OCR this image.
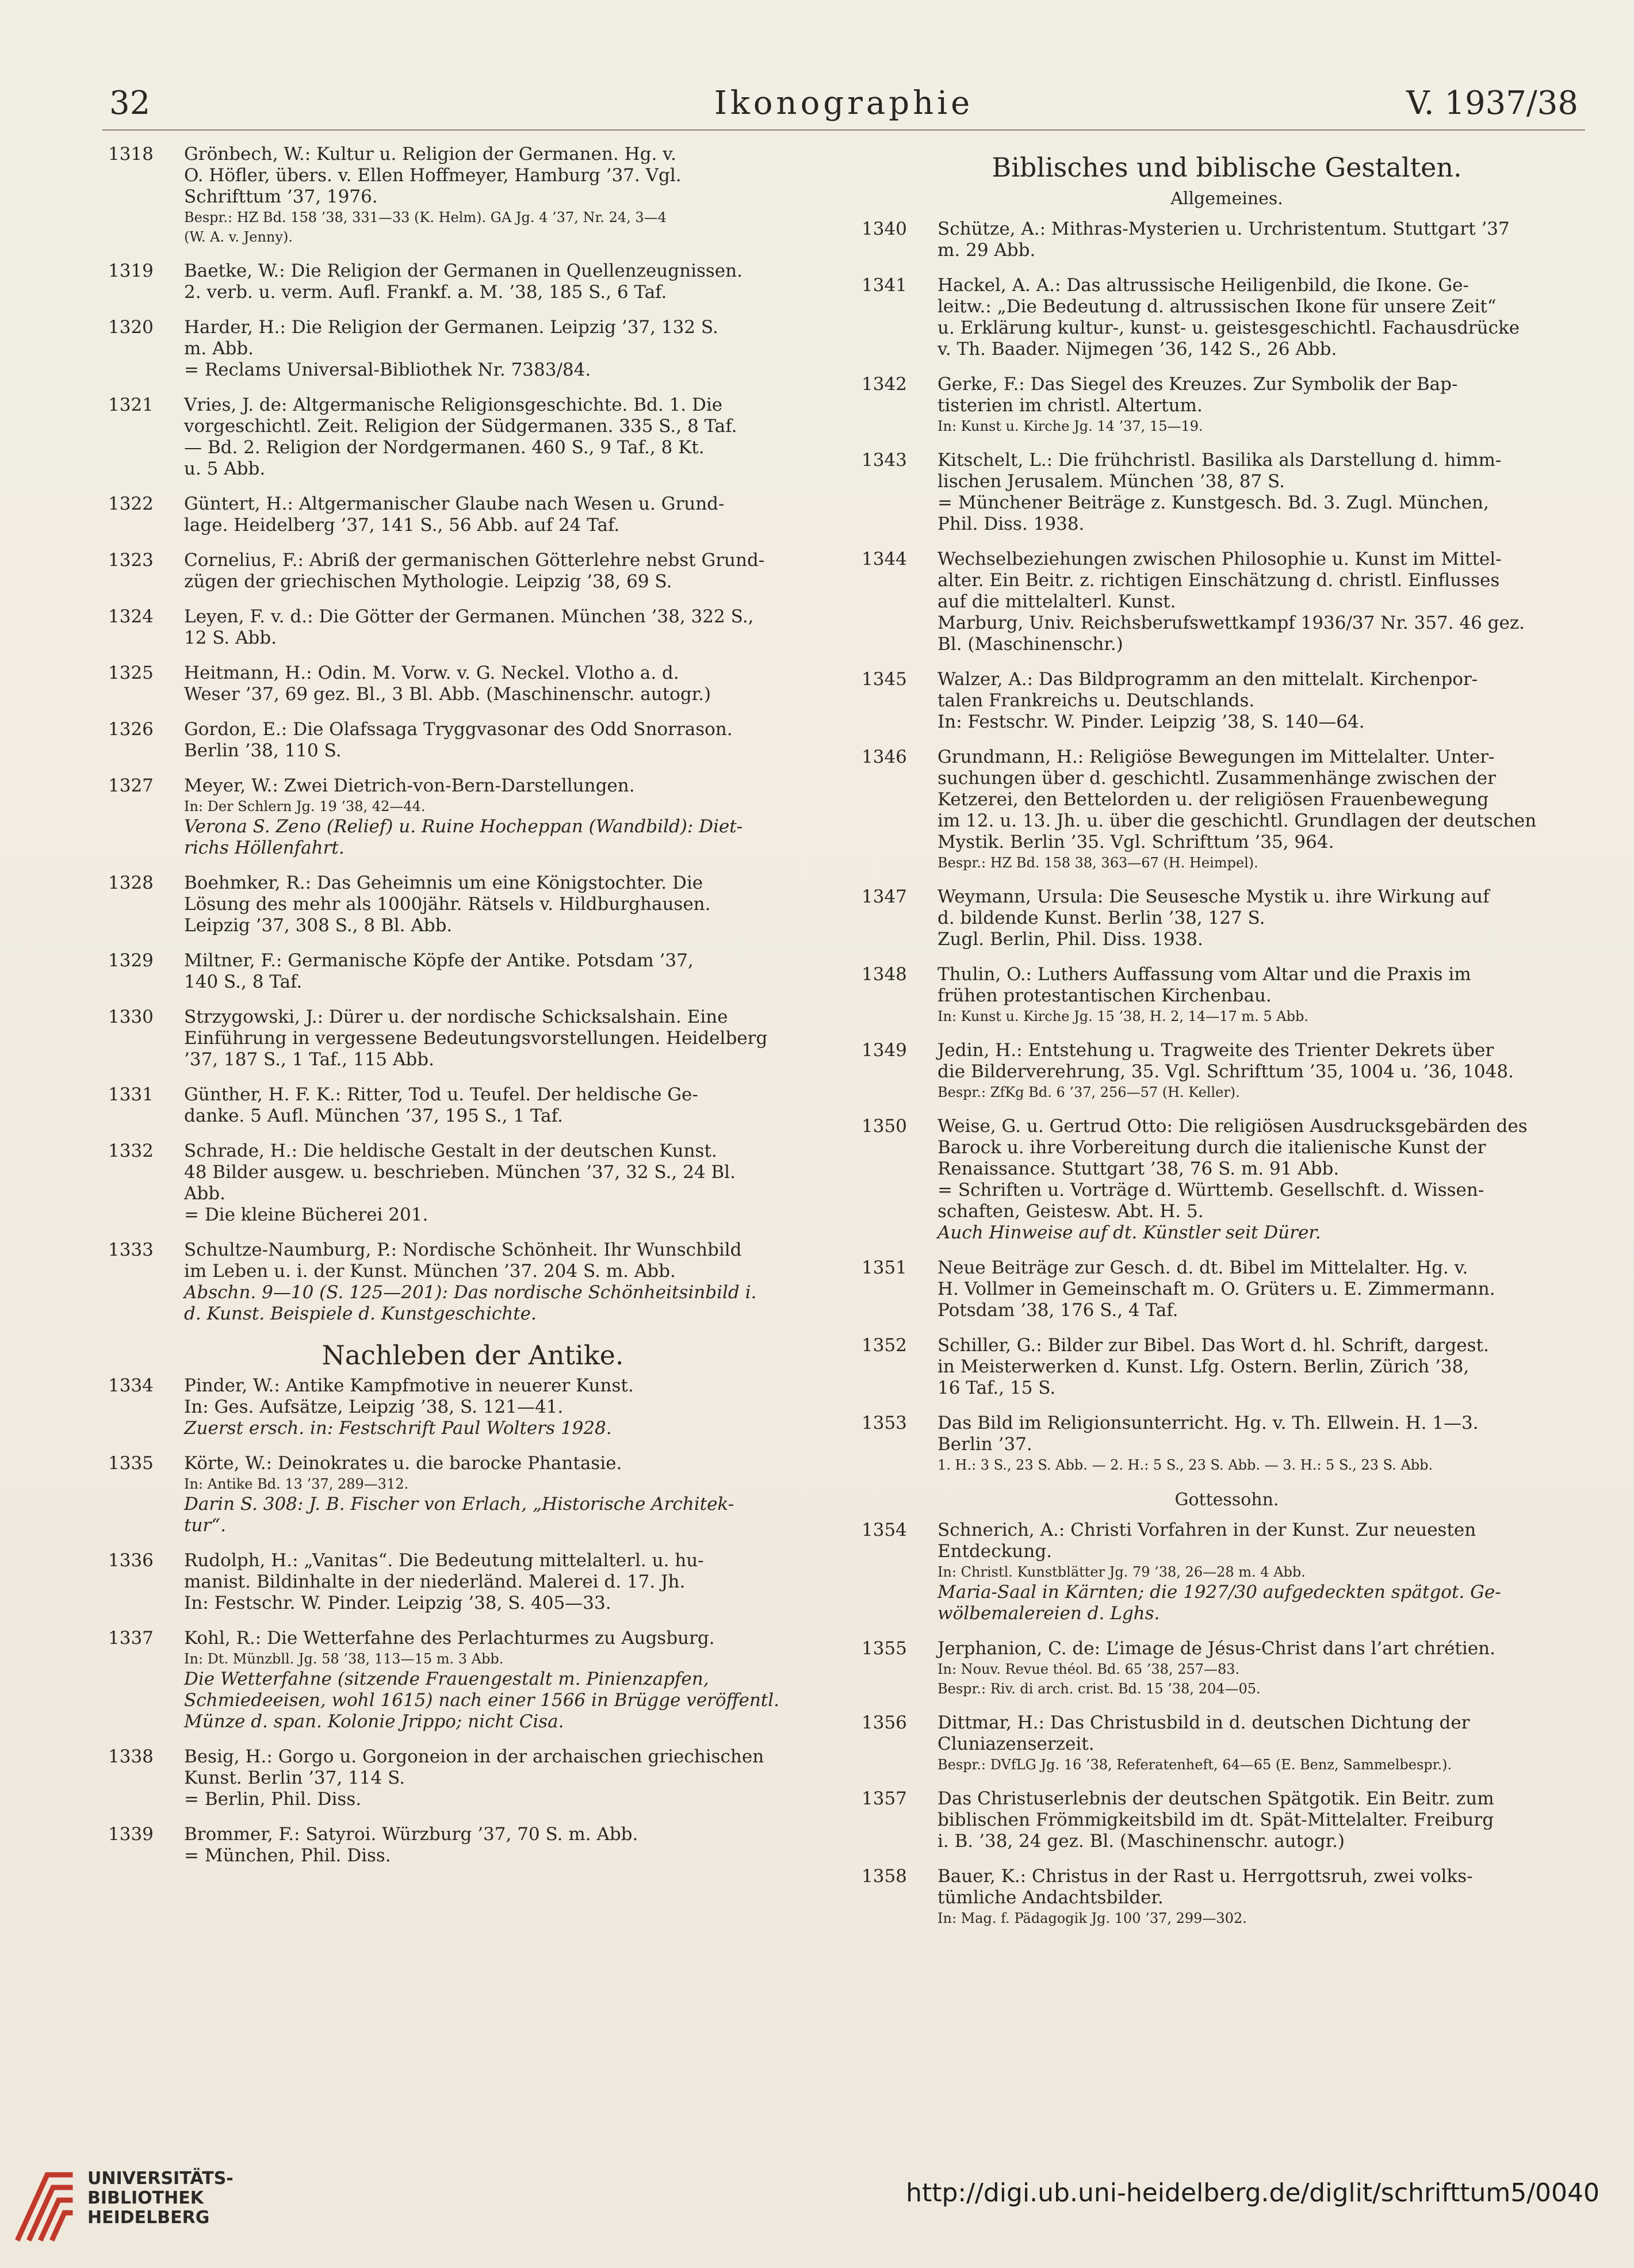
32	Ikonographie	V. 1937/38
1318	Grönbech, W.: Kultur u. Religion der Germanen. Hg. v.
O. Höfler, übers. v. Ellen Hoffmeyer, Hamburg ’37. Vgl.
Schrifttum ’37, 1976.
Bespr.: HZ Bd. 158 ’38, 331—33 (K. Helm). GA Jg. 4 ’37, Nr. 24, 3—4
(W. A. v. Jenny).
1319	Baetke, W.: Die Religion der Germanen in Quellenzeugnissen.
2. verb. u. verm. Aufl. Frankf. a. M. ’38, 185 S., 6 Taf.
1320	Harder, H.: Die Religion der Germanen. Leipzig ’37, 132 S.
m. Abb.
= Reclams Universal-Bibliothek Nr. 7383/84.
1321	Vries, J. de: Altgermanische Religionsgeschichte. Bd. 1. Die
vorgeschichtl. Zeit. Religion der Südgermanen. 335 S., 8 Taf.
— Bd. 2. Religion der Nordgermanen. 460 S., 9 Taf., 8 Kt.
u. 5 Abb.
1322	Güntert, H.: Altgermanischer Glaube nach Wesen u. Grund-
lage. Heidelberg ’37, 141 S., 56 Abb. auf 24 Taf.
1323	Cornelius, F.: Abriß der germanischen Götterlehre nebst Grund-
zügen der griechischen Mythologie. Leipzig ’38, 69 S.
1324	Leyen, F. v. d.: Die Götter der Germanen. München ’38, 322 S.,
12 S. Abb.
1325	Heitmann, H.: Odin. M. Vorw. v. G. Neckel. Vlotho a. d.
Weser ’37, 69 gez. Bl., 3 Bl. Abb. (Maschinenschr. autogr.)
1326	Gordon, E.: Die Olafssaga Tryggvasonar des Odd Snorrason.
Berlin ’38, 110 S.
1327	Meyer, W.: Zwei Dietrich-von-Bern-Darstellungen.
In: Der Schlern Jg. 19 ’38, 42—44.
Verona S. Zeno (Relief) u. Ruine Hocheppan (Wandbild): Diet-
richs Höllenfahrt.
1328	Boehmker, R.: Das Geheimnis um eine Königstochter. Die
Lösung des mehr als 1000jähr. Rätsels v. Hildburghausen.
Leipzig ’37, 308 S., 8 Bl. Abb.
1329	Miltner, F.: Germanische Köpfe der Antike. Potsdam ’37,
140 S., 8 Taf.
1330	Strzygowski, J.: Dürer u. der nordische Schicksalshain. Eine
Einführung in vergessene Bedeutungsvorstellungen. Heidelberg
’37, 187 S., 1 Taf., 115 Abb.
1331	Günther, H. F. K.: Ritter, Tod u. Teufel. Der heldische Ge-
danke. 5 Aufl. München ’37, 195 S., 1 Taf.
1332	Schrade, H.: Die heldische Gestalt in der deutschen Kunst.
48 Bilder ausgew. u. beschrieben. München ’37, 32 S., 24 Bl.
Abb.
= Die kleine Bücherei 201.
1333	Schultze-Naumburg, P.: Nordische Schönheit. Ihr Wunschbild
im Leben u. i. der Kunst. München ’37. 204 S. m. Abb.
Abschn. 9—10 (S. 125—201): Das nordische Schönheitsinbild i.
d. Kunst. Beispiele d. Kunstgeschichte.
Nachleben der Antike.
1334	Pinder, W.: Antike Kampfmotive in neuerer Kunst.
In: Ges. Aufsätze, Leipzig ’38, S. 121—41.
Zuerst ersch. in: Festschrift Paul Wolters 1928.
1335	Körte, W.: Deinokrates u. die barocke Phantasie.
In: Antike Bd. 13 ’37, 289—312.
Darin S. 308: J. B. Fischer von Erlach, „Historische Architek-
tur“.
1336	Rudolph, H.: „Vanitas“. Die Bedeutung mittelalterl. u. hu-
manist. Bildinhalte in der niederländ. Malerei d. 17. Jh.
In: Festschr. W. Pinder. Leipzig ’38, S. 405—33.
1337	Kohl, R.: Die Wetterfahne des Perlachturmes zu Augsburg.
In: Dt. Münzbll. Jg. 58 ’38, 113—15 m. 3 Abb.
Die Wetterfahne (sitzende Frauengestalt m. Pinienzapfen,
Schmiedeeisen, wohl 1615) nach einer 1566 in Brügge veröffentl.
Münze d. span. Kolonie Jrippo; nicht Cisa.
1338	Besig, H.: Gorgo u. Gorgoneion in der archaischen griechischen
Kunst. Berlin ’37, 114 S.
= Berlin, Phil. Diss.
1339	Brommer, F.: Satyroi. Würzburg ’37, 70 S. m. Abb.
= München, Phil. Diss.
Biblisches und biblische Gestalten.
Allgemeines.
1340	Schütze, A.: Mithras-Mysterien u. Urchristentum. Stuttgart ’37
m. 29 Abb.
1341	Hackel, A. A.: Das altrussische Heiligenbild, die Ikone. Ge-
leitw.: „Die Bedeutung d. altrussischen Ikone für unsere Zeit“
u. Erklärung kultur-, kunst- u. geistesgeschichtl. Fachausdrücke
v. Th. Baader. Nijmegen ’36, 142 S., 26 Abb.
1342	Gerke, F.: Das Siegel des Kreuzes. Zur Symbolik der Bap-
tisterien im christl. Altertum.
In: Kunst u. Kirche Jg. 14 ’37, 15—19.
1343	Kitschelt, L.: Die frühchristl. Basilika als Darstellung d. himm-
lischen Jerusalem. München ’38, 87 S.
= Münchener Beiträge z. Kunstgesch. Bd. 3. Zugl. München,
Phil. Diss. 1938.
1344	Wechselbeziehungen zwischen Philosophie u. Kunst im Mittel-
alter. Ein Beitr. z. richtigen Einschätzung d. christl. Einflusses
auf die mittelalterl. Kunst.
Marburg, Univ. Reichsberufswettkampf 1936/37 Nr. 357. 46 gez.
Bl. (Maschinenschr.)
1345	Walzer, A.: Das Bildprogramm an den mittelalt. Kirchenpor-
talen Frankreichs u. Deutschlands.
In: Festschr. W. Pinder. Leipzig ’38, S. 140—64.
1346	Grundmann, H.: Religiöse Bewegungen im Mittelalter. Unter-
suchungen über d. geschichtl. Zusammenhänge zwischen der
Ketzerei, den Bettelorden u. der religiösen Frauenbewegung
im 12. u. 13. Jh. u. über die geschichtl. Grundlagen der deutschen
Mystik. Berlin ’35. Vgl. Schrifttum ’35, 964.
Bespr.: HZ Bd. 158 38, 363—67 (H. Heimpel).
1347	Weymann, Ursula: Die Seusesche Mystik u. ihre Wirkung auf
d. bildende Kunst. Berlin ’38, 127 S.
Zugl. Berlin, Phil. Diss. 1938.
1348	Thulin, O.: Luthers Auffassung vom Altar und die Praxis im
frühen protestantischen Kirchenbau.
In: Kunst u. Kirche Jg. 15 ’38, H. 2, 14—17 m. 5 Abb.
1349	Jedin, H.: Entstehung u. Tragweite des Trienter Dekrets über
die Bilderverehrung, 35. Vgl. Schrifttum ’35, 1004 u. ’36, 1048.
Bespr.: ZfKg Bd. 6 ’37, 256—57 (H. Keller).
1350	Weise, G. u. Gertrud Otto: Die religiösen Ausdrucksgebärden des
Barock u. ihre Vorbereitung durch die italienische Kunst der
Renaissance. Stuttgart ’38, 76 S. m. 91 Abb.
= Schriften u. Vorträge d. Württemb. Gesellschft. d. Wissen-
schaften, Geistesw. Abt. H. 5.
Auch Hinweise auf dt. Künstler seit Dürer.
1351	Neue Beiträge zur Gesch. d. dt. Bibel im Mittelalter. Hg. v.
H. Vollmer in Gemeinschaft m. O. Grüters u. E. Zimmermann.
Potsdam ’38, 176 S., 4 Taf.
1352	Schiller, G.: Bilder zur Bibel. Das Wort d. hl. Schrift, dargest.
in Meisterwerken d. Kunst. Lfg. Ostern. Berlin, Zürich ’38,
16 Taf., 15 S.
1353	Das Bild im Religionsunterricht. Hg. v. Th. Ellwein. H. 1—3.
Berlin ’37.
1. H.: 3 S., 23 S. Abb. — 2. H.: 5 S., 23 S. Abb. — 3. H.: 5 S., 23 S. Abb.
Gottessohn.
1354	Schnerich, A.: Christi Vorfahren in der Kunst. Zur neuesten
Entdeckung.
In: Christl. Kunstblätter Jg. 79 ’38, 26—28 m. 4 Abb.
Maria-Saal in Kärnten; die 1927/30 aufgedeckten spätgot. Ge-
wölbemalereien d. Lghs.
1355	Jerphanion, C. de: L’image de Jésus-Christ dans l’art chrétien.
In: Nouv. Revue théol. Bd. 65 ’38, 257—83.
Bespr.: Riv. di arch. crist. Bd. 15 ’38, 204—05.
1356	Dittmar, H.: Das Christusbild in d. deutschen Dichtung der
Cluniazenserzeit.
Bespr.: DVfLG Jg. 16 ’38, Referatenheft, 64—65 (E. Benz, Sammelbespr.).
1357	Das Christuserlebnis der deutschen Spätgotik. Ein Beitr. zum
biblischen Frömmigkeitsbild im dt. Spät-Mittelalter. Freiburg
i. B. ’38, 24 gez. Bl. (Maschinenschr. autogr.)
1358	Bauer, K.: Christus in der Rast u. Herrgottsruh, zwei volks-
tümliche Andachtsbilder.
In: Mag. f. Pädagogik Jg. 100 ’37, 299—302.
UNIVERSITÄTS-
BIBLIOTHEK
HEIDELBERG
http://digi.ub.uni-heidelberg.de/diglit/schrifttum5/0040
